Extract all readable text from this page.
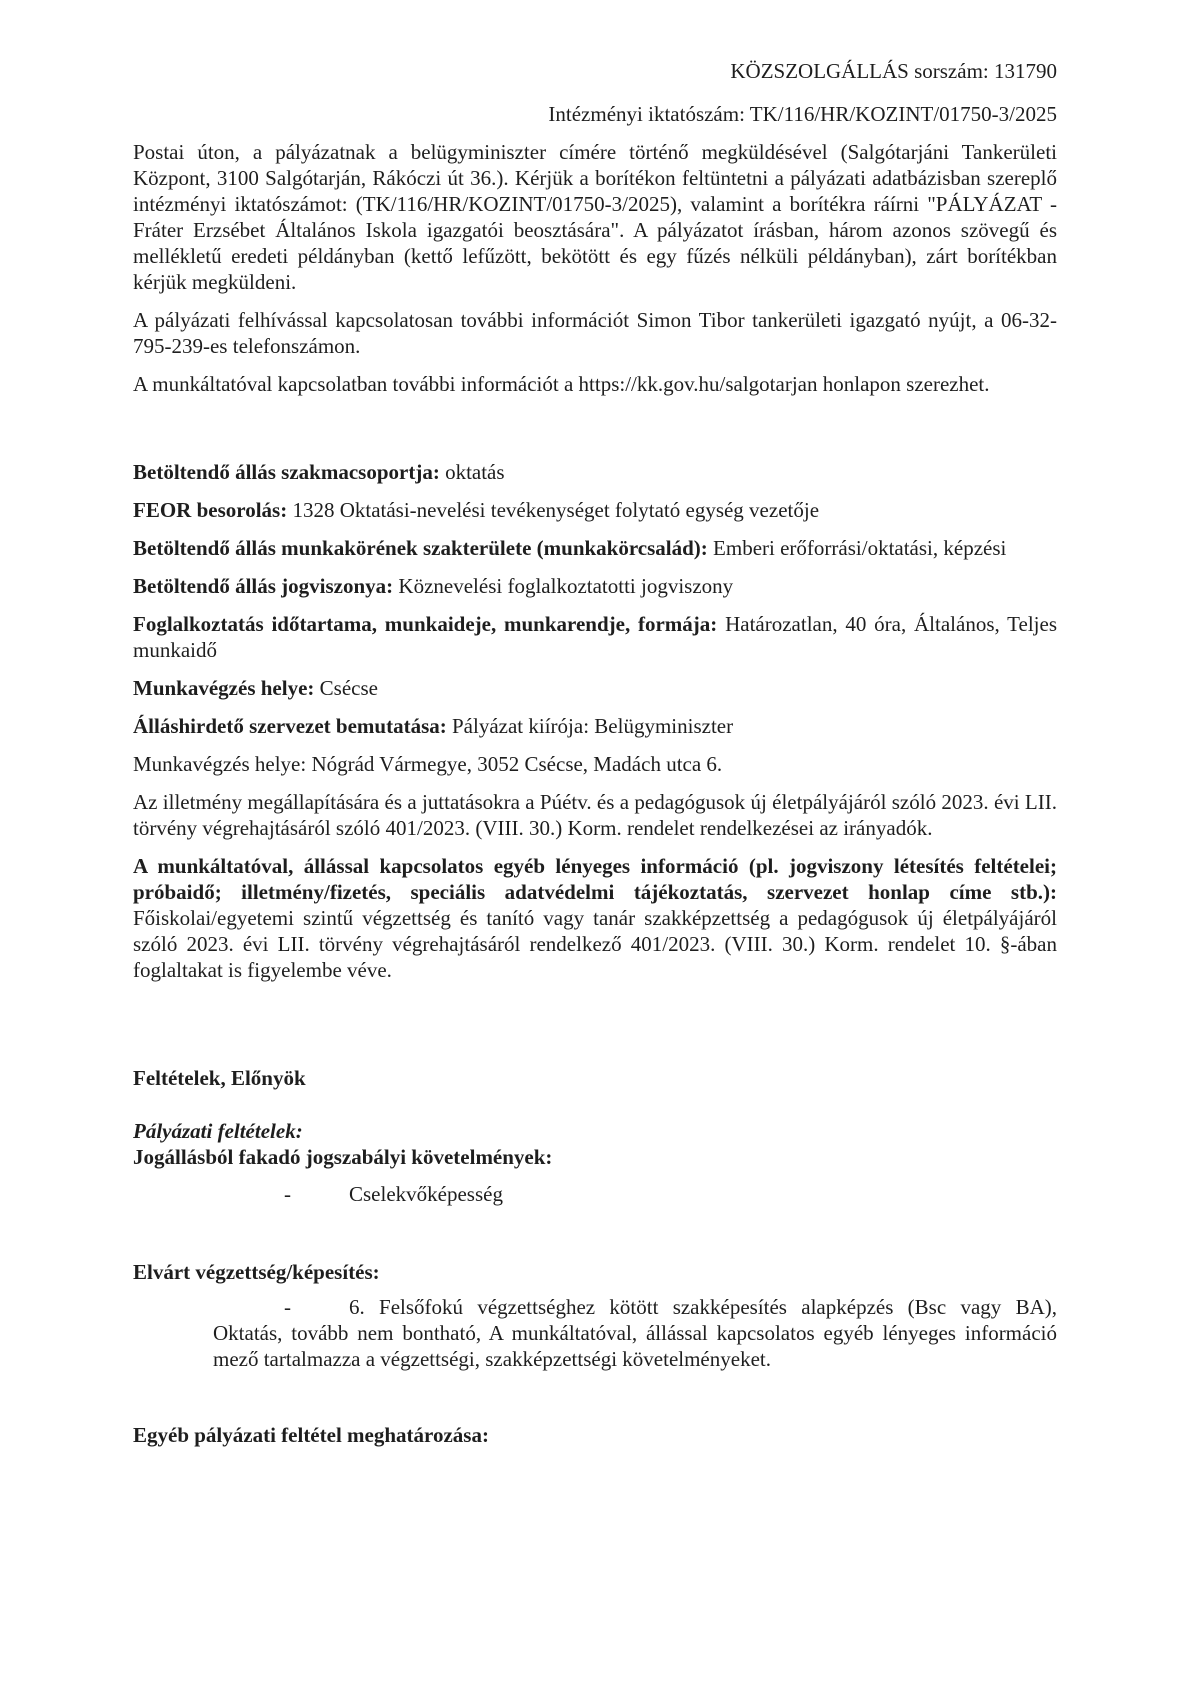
KÖZSZOLGÁLLÁS sorszám: 131790
Intézményi iktatószám: TK/116/HR/KOZINT/01750-3/2025

Postai úton, a pályázatnak a belügyminiszter címére történő megküldésével (Salgótarjáni Tankerületi Központ, 3100 Salgótarján, Rákóczi út 36.). Kérjük a borítékon feltüntetni a pályázati adatbázisban szereplő intézményi iktatószámot: (TK/116/HR/KOZINT/01750-3/2025), valamint a borítékra ráírni "PÁLYÁZAT - Fráter Erzsébet Általános Iskola igazgatói beosztására". A pályázatot írásban, három azonos szövegű és mellékletű eredeti példányban (kettő lefűzött, bekötött és egy fűzés nélküli példányban), zárt borítékban kérjük megküldeni.

A pályázati felhívással kapcsolatosan további információt Simon Tibor tankerületi igazgató nyújt, a 06-32-795-239-es telefonszámon.

A munkáltatóval kapcsolatban további információt a https://kk.gov.hu/salgotarjan honlapon szerezhet.

Betöltendő állás szakmacsoportja: oktatás

FEOR besorolás: 1328 Oktatási-nevelési tevékenységet folytató egység vezetője

Betöltendő állás munkakörének szakterülete (munkakörcsalád): Emberi erőforrási/oktatási, képzési

Betöltendő állás jogviszonya: Köznevelési foglalkoztatotti jogviszony

Foglalkoztatás időtartama, munkaideje, munkarendje, formája: Határozatlan, 40 óra, Általános, Teljes munkaidő

Munkavégzés helye: Csécse

Álláshirdető szervezet bemutatása: Pályázat kiírója: Belügyminiszter

Munkavégzés helye: Nógrád Vármegye, 3052 Csécse, Madách utca 6.

Az illetmény megállapítására és a juttatásokra a Púétv. és a pedagógusok új életpályájáról szóló 2023. évi LII. törvény végrehajtásáról szóló 401/2023. (VIII. 30.) Korm. rendelet rendelkezései az irányadók.

A munkáltatóval, állással kapcsolatos egyéb lényeges információ (pl. jogviszony létesítés feltételei; próbaidő; illetmény/fizetés, speciális adatvédelmi tájékoztatás, szervezet honlap címe stb.): Főiskolai/egyetemi szintű végzettség és tanító vagy tanár szakképzettség a pedagógusok új életpályájáról szóló 2023. évi LII. törvény végrehajtásáról rendelkező 401/2023. (VIII. 30.) Korm. rendelet 10. §-ában foglaltakat is figyelembe véve.

Feltételek, Előnyök

Pályázati feltételek:

Jogállásból fakadó jogszabályi követelmények:

-	Cselekvőképesség

Elvárt végzettség/képesítés:

-	6. Felsőfokú végzettséghez kötött szakképesítés alapképzés (Bsc vagy BA), Oktatás, tovább nem bontható, A munkáltatóval, állással kapcsolatos egyéb lényeges információ mező tartalmazza a végzettségi, szakképzettségi követelményeket.

Egyéb pályázati feltétel meghatározása:
